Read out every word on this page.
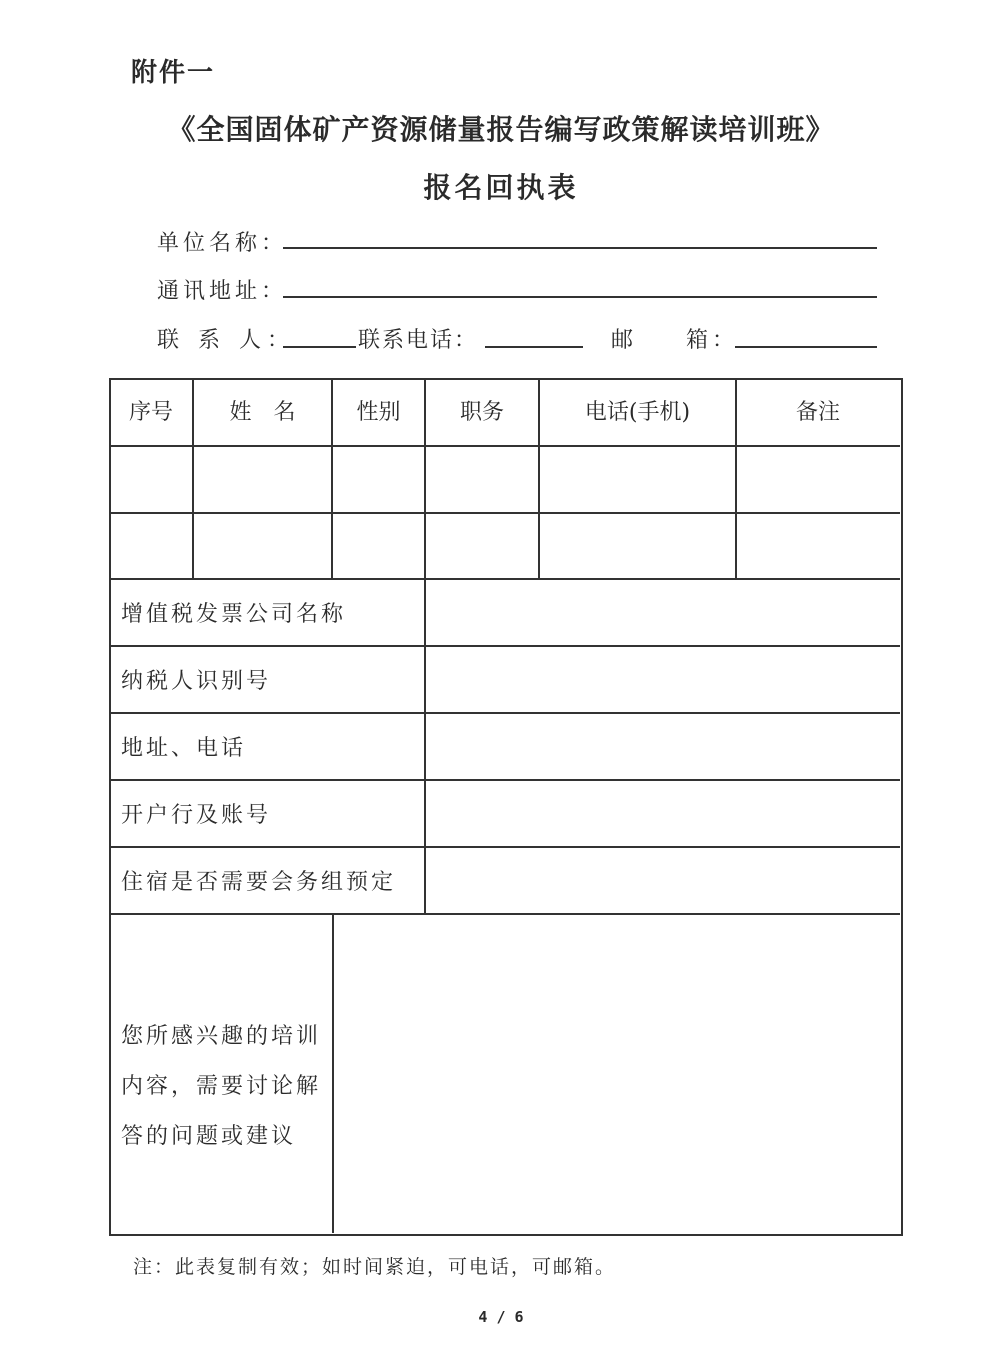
附件一
《全国固体矿产资源储量报告编写政策解读培训班》
报名回执表
单位名称：
通讯地址：
联 系 人：	联系电话：	邮 箱：
序号	姓　名	性别	职务	电话(手机)	备注
增值税发票公司名称
纳税人识别号
地址、电话
开户行及账号
住宿是否需要会务组预定
您所感兴趣的培训内容，需要讨论解答的问题或建议
注：此表复制有效；如时间紧迫，可电话，可邮箱。
4 / 6
